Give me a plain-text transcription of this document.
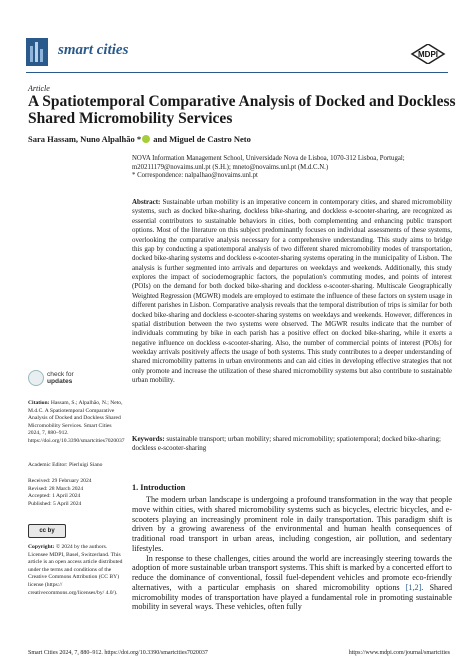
smart cities	MDPI
Article
A Spatiotemporal Comparative Analysis of Docked and Dockless Shared Micromobility Services
Sara Hassam, Nuno Alpalhão * and Miguel de Castro Neto
NOVA Information Management School, Universidade Nova de Lisboa, 1070-312 Lisboa, Portugal;
m20211179@novaims.unl.pt (S.H.); mneto@novaims.unl.pt (M.d.C.N.)
* Correspondence: nalpalhao@novaims.unl.pt
Abstract: Sustainable urban mobility is an imperative concern in contemporary cities, and shared micromobility systems, such as docked bike-sharing, dockless bike-sharing, and dockless e-scooter-sharing, are recognized as essential contributors to sustainable behaviors in cities, both complementing and enhancing public transport options. Most of the literature on this subject predominantly focuses on individual assessments of these systems, overlooking the comparative analysis necessary for a comprehensive understanding. This study aims to bridge this gap by conducting a spatiotemporal analysis of two different shared micromobility modes of transportation, docked bike-sharing systems and dockless e-scooter-sharing systems operating in the municipality of Lisbon. The analysis is further segmented into arrivals and departures on weekdays and weekends. Additionally, this study explores the impact of sociodemographic factors, the population's commuting modes, and points of interest (POIs) on the demand for both docked bike-sharing and dockless e-scooter-sharing. Multiscale Geographically Weighted Regression (MGWR) models are employed to estimate the influence of these factors on system usage in different parishes in Lisbon. Comparative analysis reveals that the temporal distribution of trips is similar for both docked bike-sharing and dockless e-scooter-sharing systems on weekdays and weekends. However, differences in spatial distribution between the two systems were observed. The MGWR results indicate that the number of individuals commuting by bike in each parish has a positive effect on docked bike-sharing, while it exerts a negative influence on dockless e-scooter-sharing. Also, the number of commercial points of interest (POIs) for weekday arrivals positively affects the usage of both systems. This study contributes to a deeper understanding of shared micromobility patterns in urban environments and can aid cities in developing effective strategies that not only promote and increase the utilization of these shared micromobility systems but also contribute to sustainable urban mobility.
Keywords: sustainable transport; urban mobility; shared micromobility; spatiotemporal; docked bike-sharing; dockless e-scooter-sharing
check for
updates
Citation: Hassam, S.; Alpalhão, N.; Neto, M.d.C. A Spatiotemporal Comparative Analysis of Docked and Dockless Shared Micromobility Services. Smart Cities 2024, 7, 880–912. https://doi.org/10.3390/smartcities7020037
Academic Editor: Pierluigi Siano
Received: 29 February 2024
Revised: 28 March 2024
Accepted: 1 April 2024
Published: 5 April 2024
cc by
Copyright: © 2024 by the authors. Licensee MDPI, Basel, Switzerland. This article is an open access article distributed under the terms and conditions of the Creative Commons Attribution (CC BY) license (https:// creativecommons.org/licenses/by/ 4.0/).
1. Introduction

The modern urban landscape is undergoing a profound transformation in the way that people move within cities, with shared micromobility systems such as bicycles, electric bicycles, and e-scooters playing an increasingly prominent role in daily transportation. This paradigm shift is driven by a growing awareness of the environmental and human health consequences of traditional road transport in urban areas, including congestion, air pollution, and sedentary lifestyles.

In response to these challenges, cities around the world are increasingly steering towards the adoption of more sustainable urban transport systems. This shift is marked by a concerted effort to reduce the dominance of conventional, fossil fuel-dependent vehicles and promote eco-friendly alternatives, with a particular emphasis on shared micromobility options [1,2]. Shared micromobility modes of transportation have played a fundamental role in promoting sustainable mobility in several ways. These vehicles, often fully

Smart Cities 2024, 7, 880–912. https://doi.org/10.3390/smartcities7020037	https://www.mdpi.com/journal/smartcities
